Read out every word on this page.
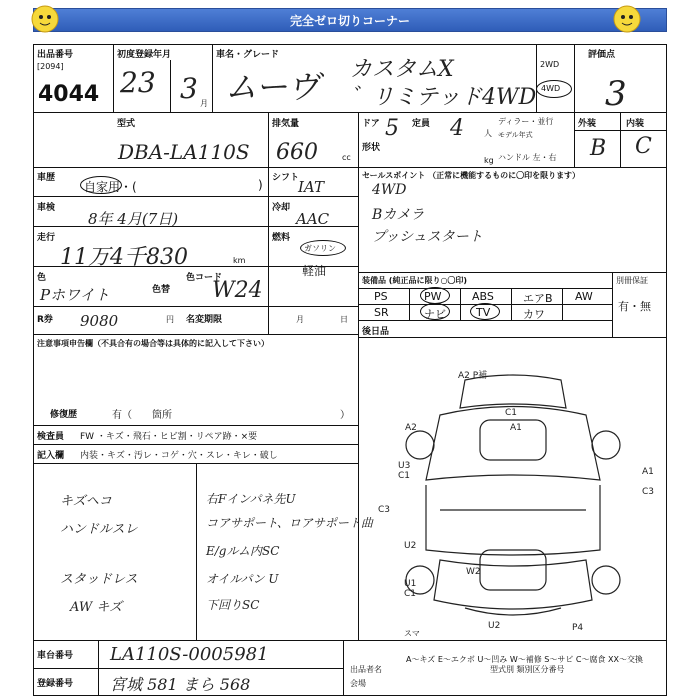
完全ゼロ切りコーナー
出品番号
[2094]
4044
初度登録年月
23 3 月
車名・グレード
ムーヴ カスタムX
゛リミテッド4WD
2WD
4WD
評価点
3
型式
DBA-LA110S
排気量
660	cc
ドア 5 定員 4	人
形状
kg
ディラー・並行
モデル年式
ハンドル 左・右
外装	内装
B C
車歴
自家用・(	) シフト
IAT
車検
8年 4月(7日)
冷却
AAC
走行
11万4千830	km
燃料
ガソリン
軽油
色
Pホワイト	色替
色コード
W24
R券 9080	円 名変期限	月	日
セールスポイント （正常に機能するものに〇印を限ります）
4WD
Bカメラ
プッシュスタート
装備品 (純正品に限り○〇印)	別冊保証
有・無
PS	PW	ABS	エアB AW
SR	ナビ	TV	カワ
後日品
注意事項申告欄（不具合有の場合等は具体的に記入して下さい）
修復歴	有（　　箇所	）
検査員 FW ・キズ・飛石・ヒビ割・リペア跡・×要
記入欄 内装・キズ・汚レ・コゲ・穴・スレ・キレ・破し
キズヘコ
ハンドルスレ
スタッドレス
AW キズ
右Fインパネ先U
コアサポート、ロアサポート曲
E/gルム内SC
オイルパン U
下回りSC
A2 P補
C1
A1
A2
U3
C1	A1
C3
C3
U2
W2
U1
C1
U2	P4
A～キズ E～エクボ U～凹み W～補修 S～サビ C～腐食 XX～交換
スマ
車台番号 LA110S-0005981
登録番号 宮城 581 まら 568
出品者名
会場
型式別 類別区分番号
